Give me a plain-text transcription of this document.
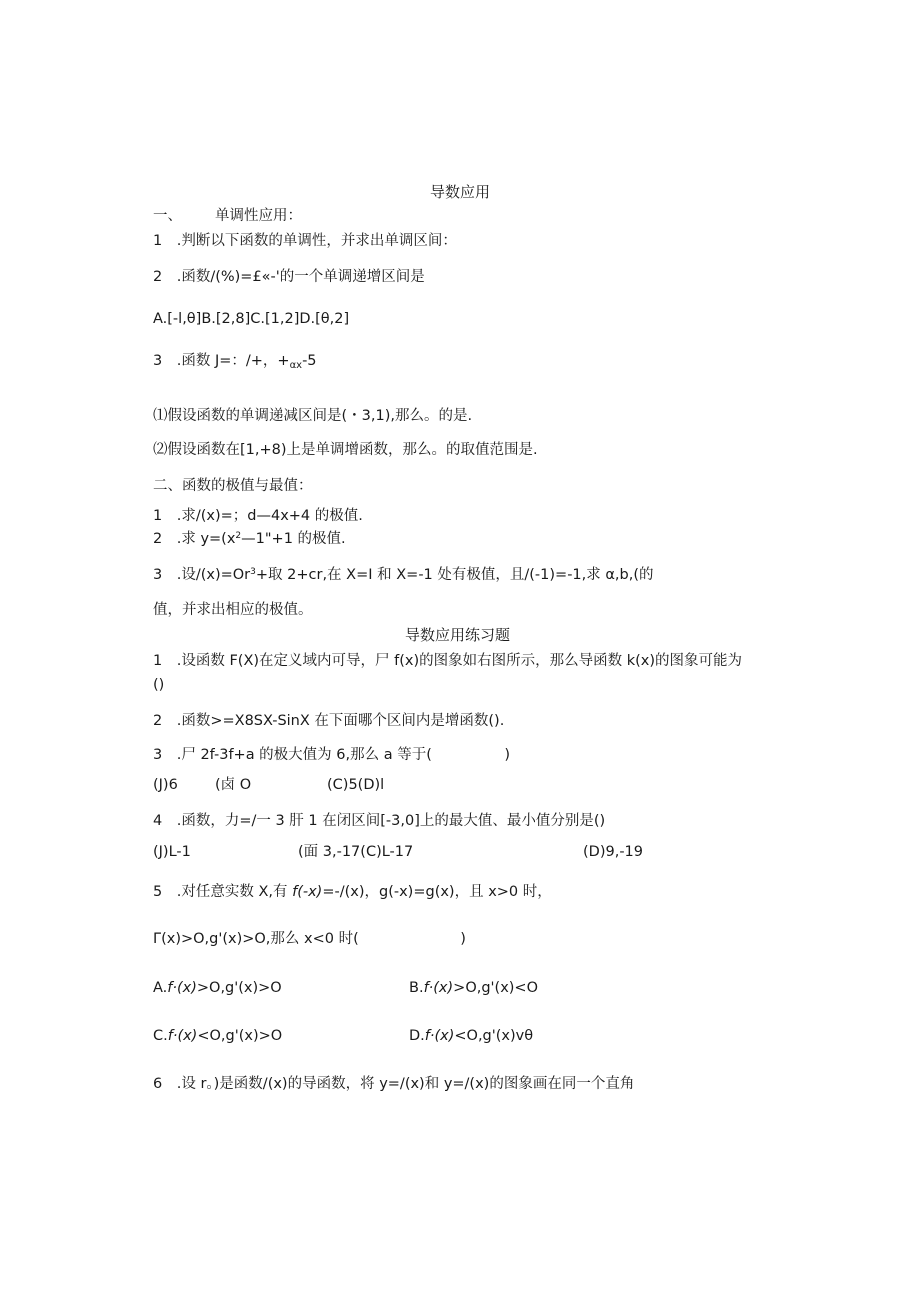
导数应用
一、 单调性应用：
1　.判断以下函数的单调性，并求出单调区间：
2　.函数/(%)=£«-'的一个单调递增区间是
A.[-l,θ]B.[2,8]C.[1,2]D.[θ,2]
3　.函数 J=：/+，$+_{\alpha x}-5$
⑴假设函数的单调递减区间是(・3,1),那么。的是.
⑵假设函数在[1,+8)上是单调增函数，那么。的取值范围是.
二、函数的极值与最值：
1　.求/(x)=；d—4x+4 的极值.
2　.求 $y=(x^2—1"+1$ 的极值.
3　.设$/(x)=Or^3+$取 2+cr,在 X=I 和 X=-1 处有极值，且/(-1)=-1,求 α,b,(的
值，并求出相应的极值。
导数应用练习题
1　.设函数 F(X)在定义域内可导，尸 f(x)的图象如右图所示，那么导函数 k(x)的图象可能为
()
2　.函数>=X8SX-SinX 在下面哪个区间内是增函数().
3　.尸 2f-3f+a 的极大值为 6,那么 a 等于(　　　　　)
(J)6	(卤 O	(C)5(D)l
4　.函数，力=/一 3 肝 1 在闭区间[-3,0]上的最大值、最小值分别是()
(J)L-1	(面 3,-17(C)L-17	(D)9,-19
5　.对任意实数 X,有 f(-x)=-/(x)，g(-x)=g(x)，且 x>0 时，
Γ(x)>O,g'(x)>O,那么 x<0 时(　　　　　　　)
A.f·(x)>O,g'(x)>O	B.f·(x)>O,g'(x)<O
C.f·(x)<O,g'(x)>O	D.f·(x)<O,g'(x)vθ
6　.设 r。)是函数/(x)的导函数，将 y=/(x)和 y=/(x)的图象画在同一个直角
